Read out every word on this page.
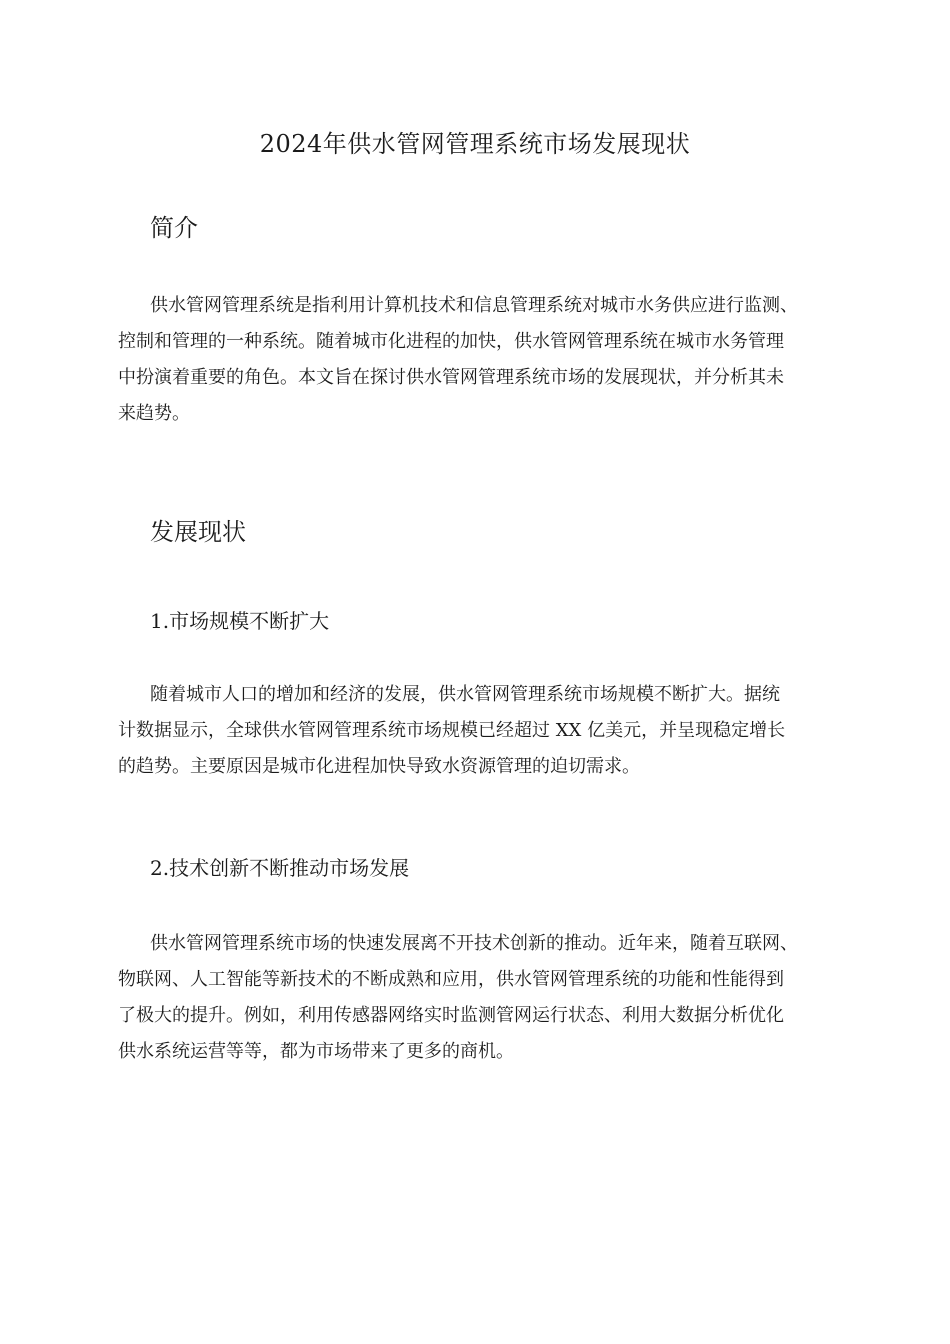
2024年供水管网管理系统市场发展现状
简介

供水管网管理系统是指利用计算机技术和信息管理系统对城市水务供应进行监测、
控制和管理的一种系统。随着城市化进程的加快，供水管网管理系统在城市水务管理
中扮演着重要的角色。本文旨在探讨供水管网管理系统市场的发展现状，并分析其未
来趋势。

发展现状
1.市场规模不断扩大

随着城市人口的增加和经济的发展，供水管网管理系统市场规模不断扩大。据统
计数据显示，全球供水管网管理系统市场规模已经超过 XX 亿美元，并呈现稳定增长
的趋势。主要原因是城市化进程加快导致水资源管理的迫切需求。

2.技术创新不断推动市场发展

供水管网管理系统市场的快速发展离不开技术创新的推动。近年来，随着互联网、
物联网、人工智能等新技术的不断成熟和应用，供水管网管理系统的功能和性能得到
了极大的提升。例如，利用传感器网络实时监测管网运行状态、利用大数据分析优化
供水系统运营等等，都为市场带来了更多的商机。
